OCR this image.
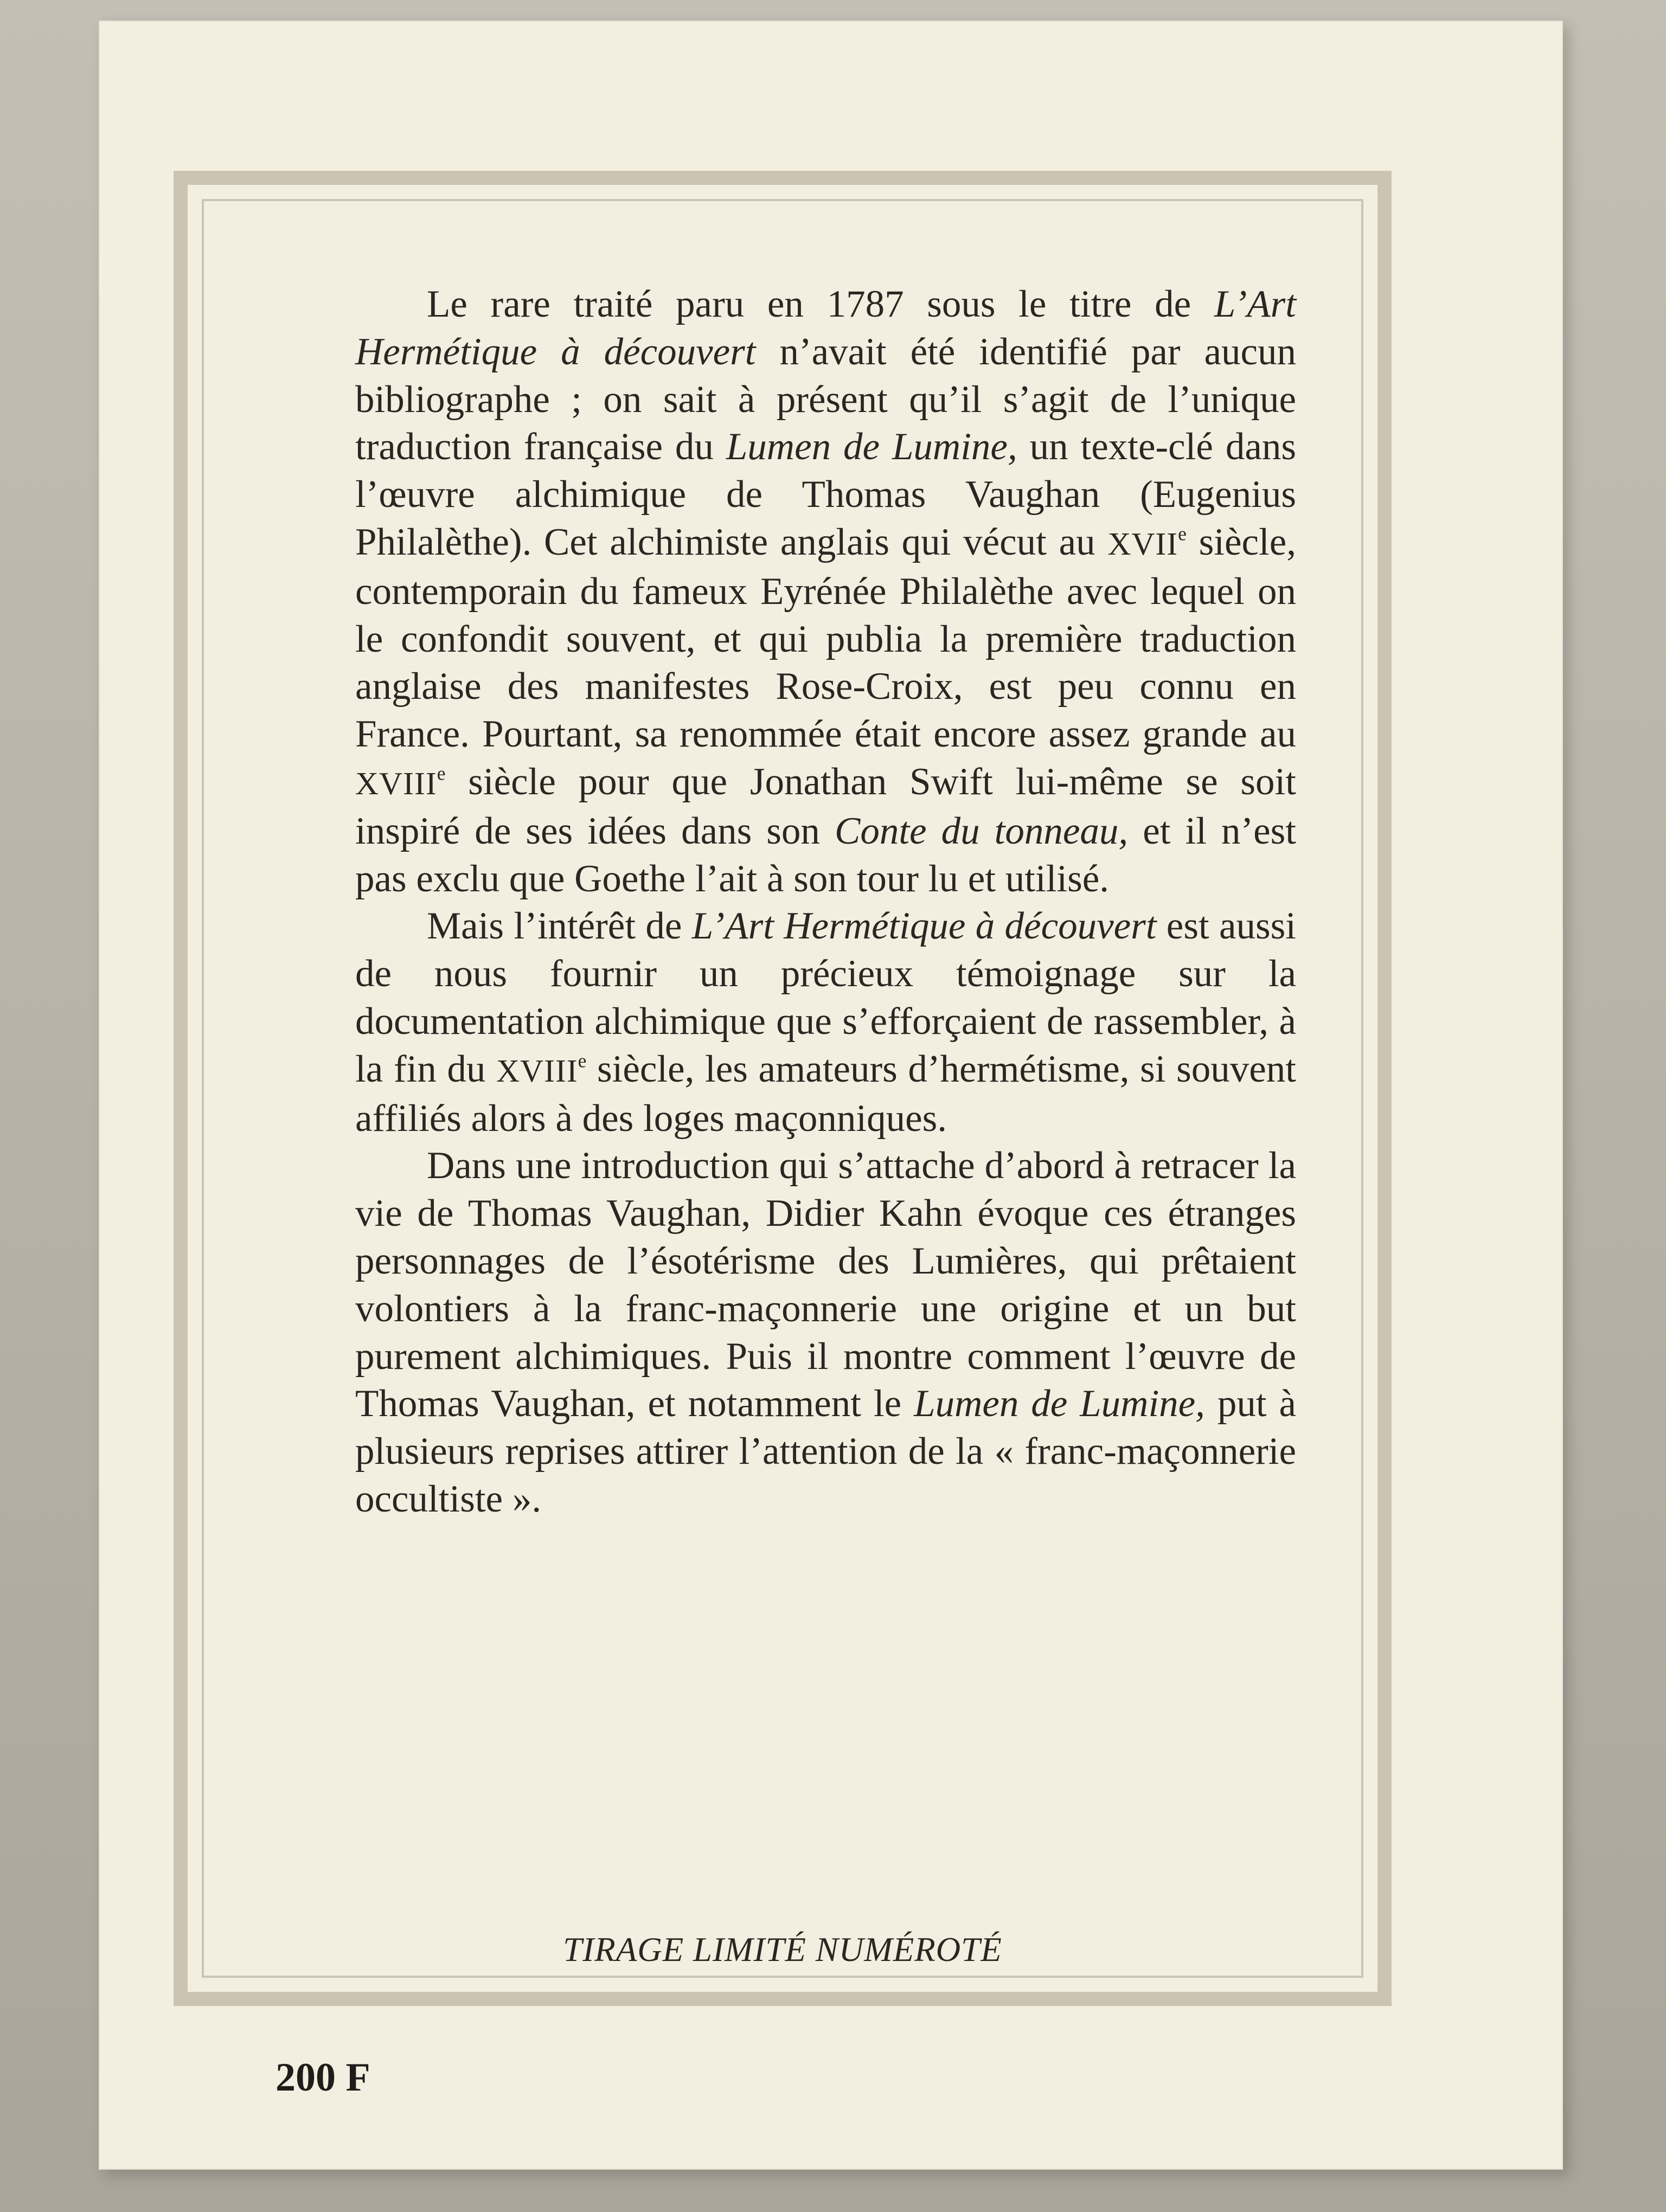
Le rare traité paru en 1787 sous le titre de L’Art Hermétique à découvert n’avait été identifié par aucun bibliographe ; on sait à présent qu’il s’agit de l’unique traduction française du Lumen de Lumine, un texte-clé dans l’œuvre alchimique de Thomas Vaughan (Eugenius Philalèthe). Cet alchimiste anglais qui vécut au XVIIe siècle, contemporain du fameux Eyrénée Philalèthe avec lequel on le confondit souvent, et qui publia la première traduction anglaise des manifestes Rose-Croix, est peu connu en France. Pourtant, sa renommée était encore assez grande au XVIIIe siècle pour que Jonathan Swift lui-même se soit inspiré de ses idées dans son Conte du tonneau, et il n’est pas exclu que Goethe l’ait à son tour lu et utilisé.

Mais l’intérêt de L’Art Hermétique à découvert est aussi de nous fournir un précieux témoignage sur la documentation alchimique que s’efforçaient de rassembler, à la fin du XVIIIe siècle, les amateurs d’hermétisme, si souvent affiliés alors à des loges maçonniques.

Dans une introduction qui s’attache d’abord à retracer la vie de Thomas Vaughan, Didier Kahn évoque ces étranges personnages de l’ésotérisme des Lumières, qui prêtaient volontiers à la franc-maçonnerie une origine et un but purement alchimiques. Puis il montre comment l’œuvre de Thomas Vaughan, et notamment le Lumen de Lumine, put à plusieurs reprises attirer l’attention de la « franc-maçonnerie occultiste ».

TIRAGE LIMITÉ NUMÉROTÉ
200 F
